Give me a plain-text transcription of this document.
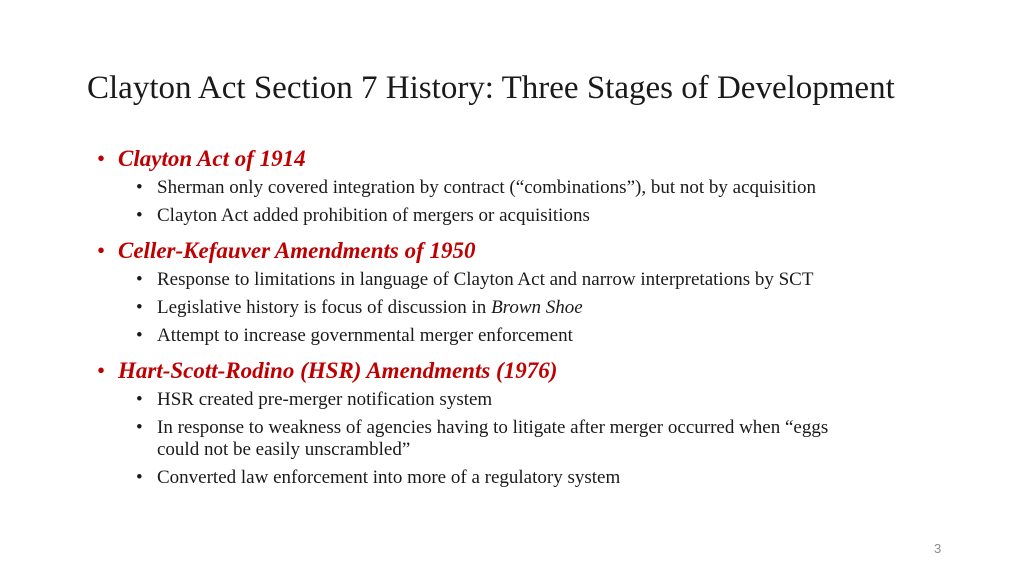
Clayton Act Section 7 History: Three Stages of Development
• Clayton Act of 1914
• Sherman only covered integration by contract (“combinations”), but not by acquisition
• Clayton Act added prohibition of mergers or acquisitions
• Celler-Kefauver Amendments of 1950
• Response to limitations in language of Clayton Act and narrow interpretations by SCT
• Legislative history is focus of discussion in Brown Shoe
• Attempt to increase governmental merger enforcement
• Hart-Scott-Rodino (HSR) Amendments (1976)
• HSR created pre-merger notification system
• In response to weakness of agencies having to litigate after merger occurred when “eggs could not be easily unscrambled”
• Converted law enforcement into more of a regulatory system
3
